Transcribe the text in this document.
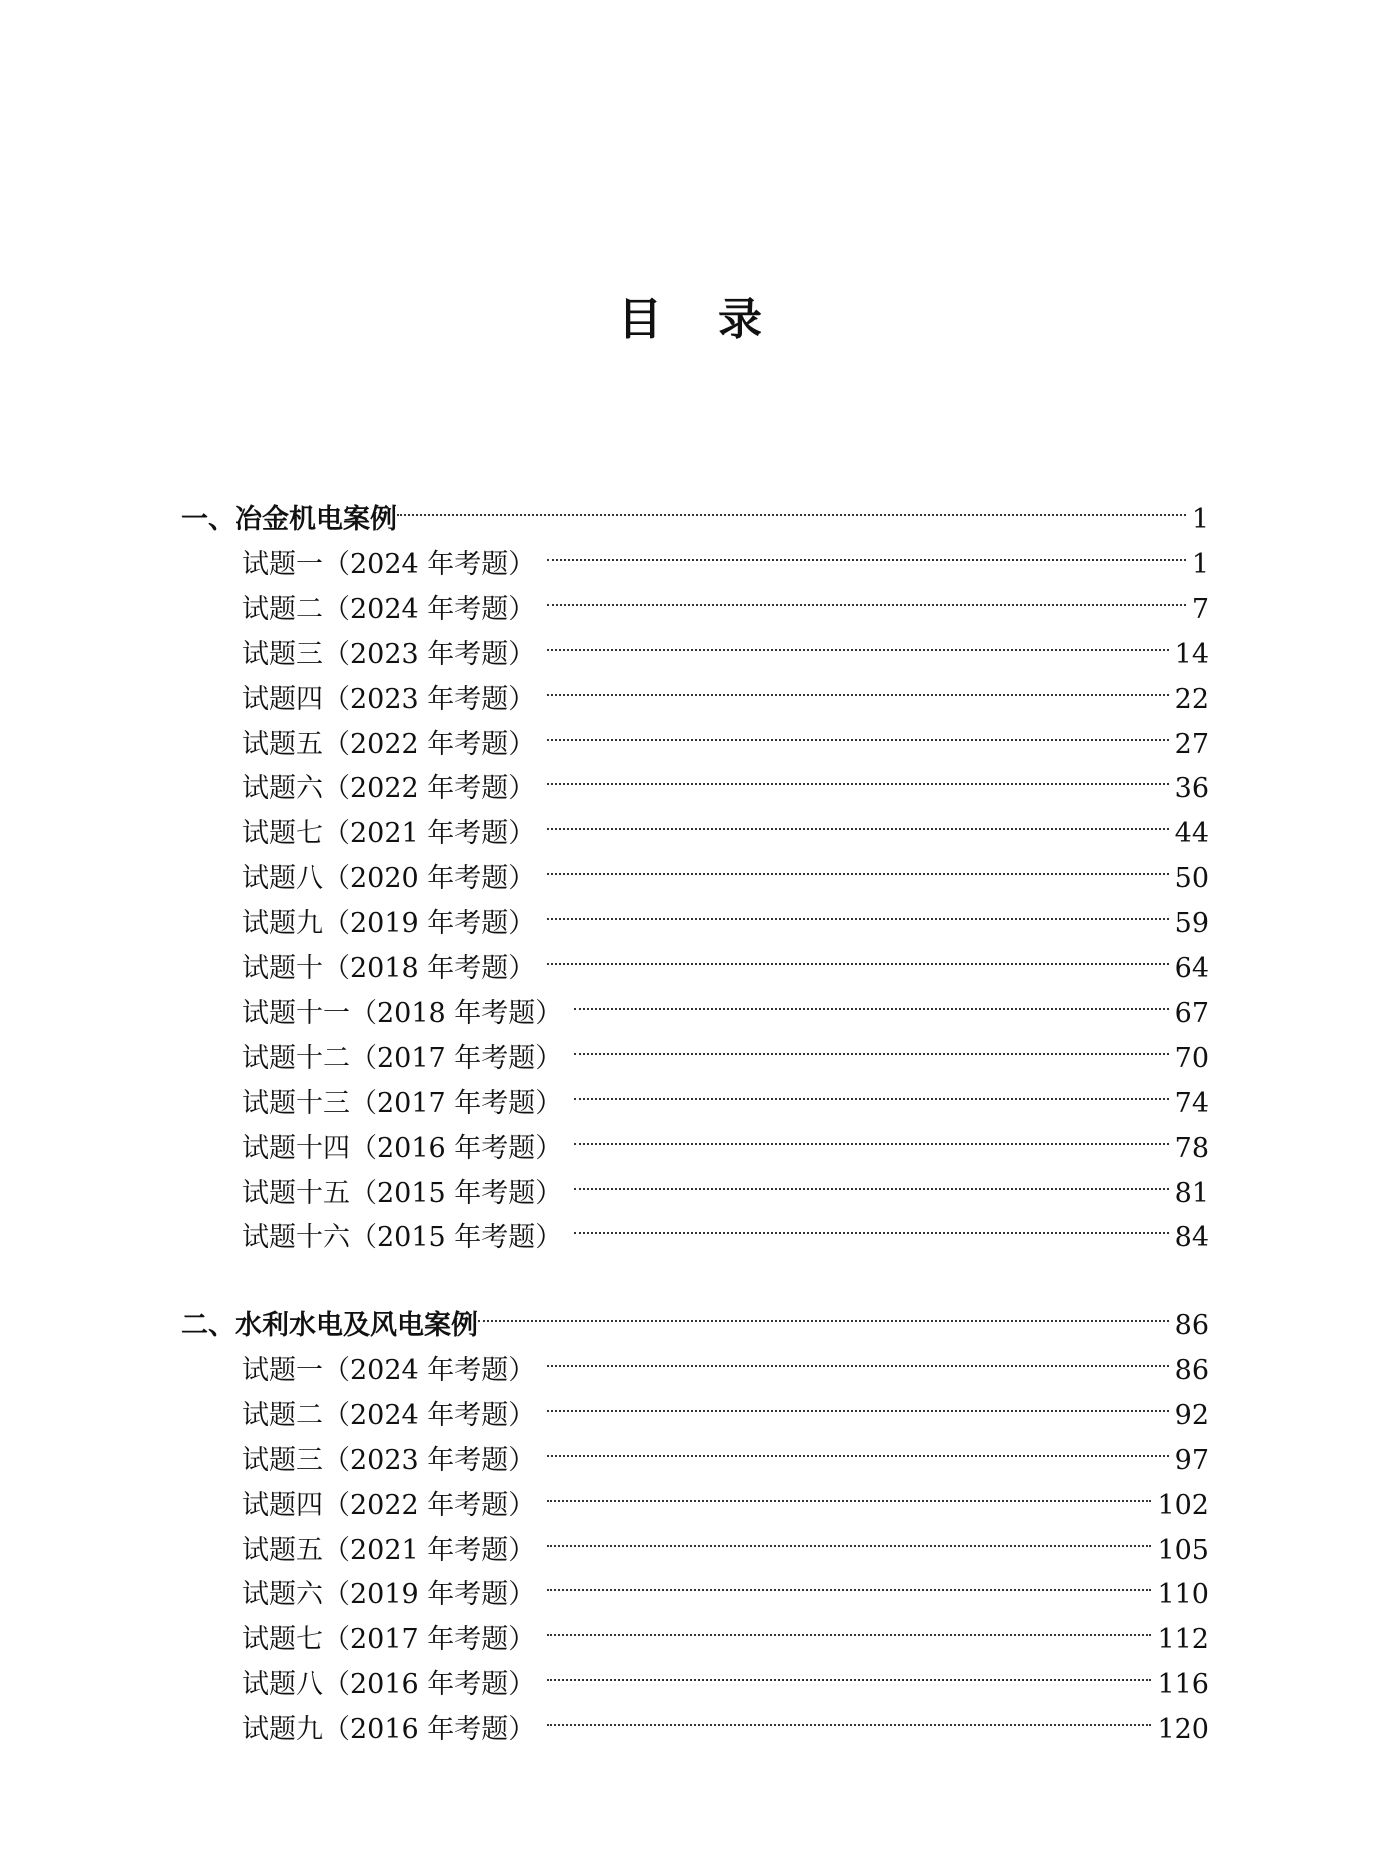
目　录
一、冶金机电案例	1
试题一（2024 年考题）	1
试题二（2024 年考题）	7
试题三（2023 年考题）	14
试题四（2023 年考题）	22
试题五（2022 年考题）	27
试题六（2022 年考题）	36
试题七（2021 年考题）	44
试题八（2020 年考题）	50
试题九（2019 年考题）	59
试题十（2018 年考题）	64
试题十一（2018 年考题）	67
试题十二（2017 年考题）	70
试题十三（2017 年考题）	74
试题十四（2016 年考题）	78
试题十五（2015 年考题）	81
试题十六（2015 年考题）	84
二、水利水电及风电案例	86
试题一（2024 年考题）	86
试题二（2024 年考题）	92
试题三（2023 年考题）	97
试题四（2022 年考题）	102
试题五（2021 年考题）	105
试题六（2019 年考题）	110
试题七（2017 年考题）	112
试题八（2016 年考题）	116
试题九（2016 年考题）	120
